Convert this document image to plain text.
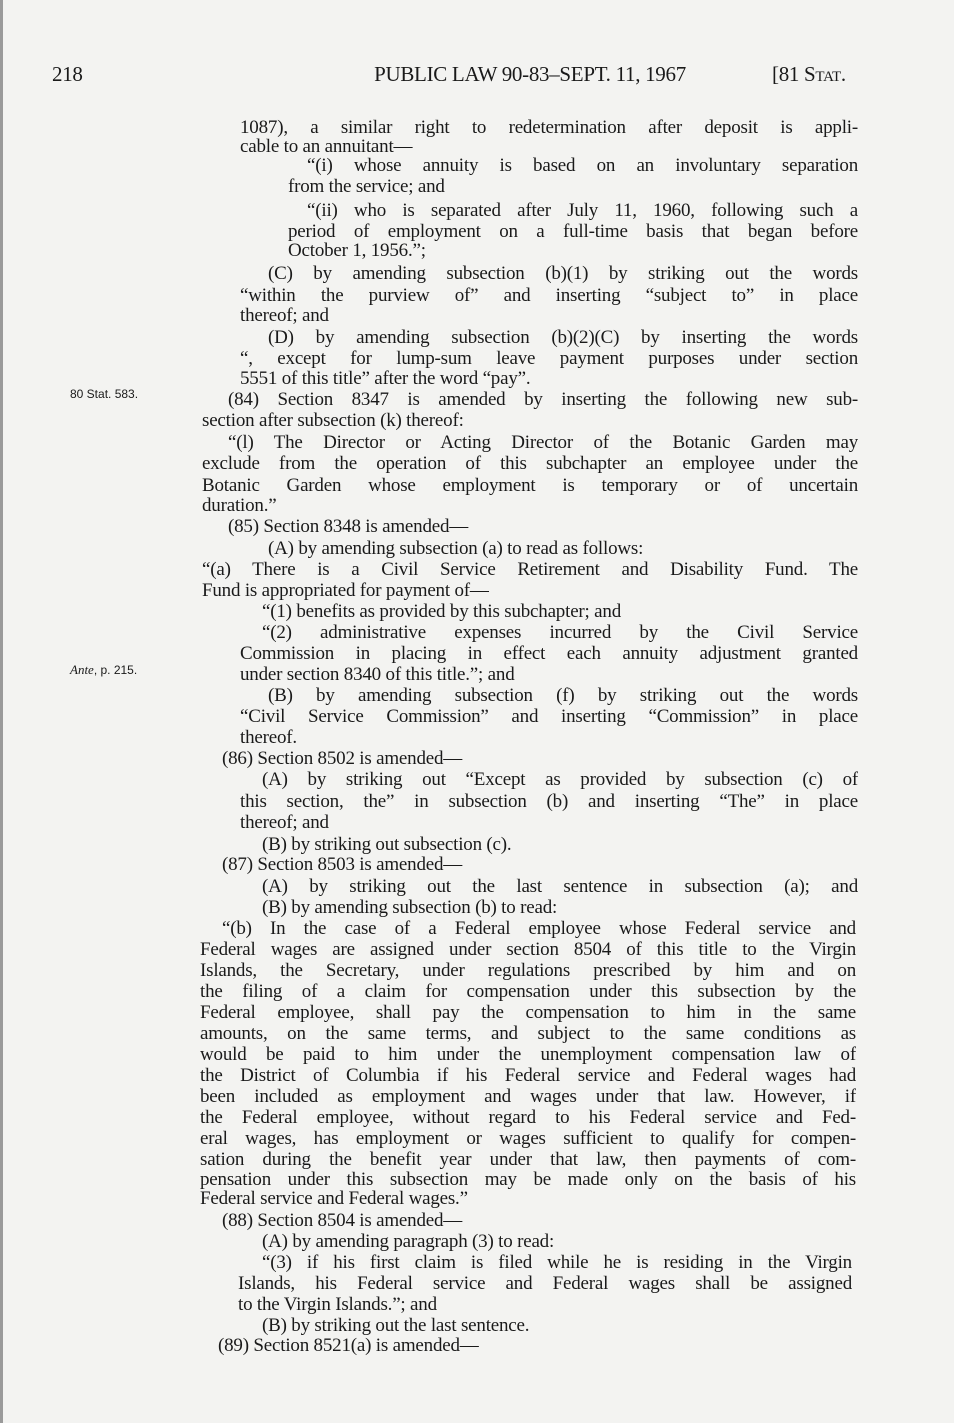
218	PUBLIC LAW 90-83–SEPT. 11, 1967	[81 Stat.
80 Stat. 583.
Ante, p. 215.
1087), a similar right to redetermination after deposit is appli-
cable to an annuitant—
“(i) whose annuity is based on an involuntary separation
from the service; and
“(ii) who is separated after July 11, 1960, following such a
period of employment on a full-time basis that began before
October 1, 1956.”;
(C) by amending subsection (b)(1) by striking out the words
“within the purview of” and inserting “subject to” in place
thereof; and
(D) by amending subsection (b)(2)(C) by inserting the words
“, except for lump-sum leave payment purposes under section
5551 of this title” after the word “pay”.
(84) Section 8347 is amended by inserting the following new sub-
section after subsection (k) thereof:
“(l) The Director or Acting Director of the Botanic Garden may
exclude from the operation of this subchapter an employee under the
Botanic Garden whose employment is temporary or of uncertain
duration.”
(85) Section 8348 is amended—
(A) by amending subsection (a) to read as follows:
“(a) There is a Civil Service Retirement and Disability Fund. The
Fund is appropriated for payment of—
“(1) benefits as provided by this subchapter; and
“(2) administrative expenses incurred by the Civil Service
Commission in placing in effect each annuity adjustment granted
under section 8340 of this title.”; and
(B) by amending subsection (f) by striking out the words
“Civil Service Commission” and inserting “Commission” in place
thereof.
(86) Section 8502 is amended—
(A) by striking out “Except as provided by subsection (c) of
this section, the” in subsection (b) and inserting “The” in place
thereof; and
(B) by striking out subsection (c).
(87) Section 8503 is amended—
(A) by striking out the last sentence in subsection (a); and
(B) by amending subsection (b) to read:
“(b) In the case of a Federal employee whose Federal service and
Federal wages are assigned under section 8504 of this title to the Virgin
Islands, the Secretary, under regulations prescribed by him and on
the filing of a claim for compensation under this subsection by the
Federal employee, shall pay the compensation to him in the same
amounts, on the same terms, and subject to the same conditions as
would be paid to him under the unemployment compensation law of
the District of Columbia if his Federal service and Federal wages had
been included as employment and wages under that law. However, if
the Federal employee, without regard to his Federal service and Fed-
eral wages, has employment or wages sufficient to qualify for compen-
sation during the benefit year under that law, then payments of com-
pensation under this subsection may be made only on the basis of his
Federal service and Federal wages.”
(88) Section 8504 is amended—
(A) by amending paragraph (3) to read:
“(3) if his first claim is filed while he is residing in the Virgin
Islands, his Federal service and Federal wages shall be assigned
to the Virgin Islands.”; and
(B) by striking out the last sentence.
(89) Section 8521(a) is amended—
